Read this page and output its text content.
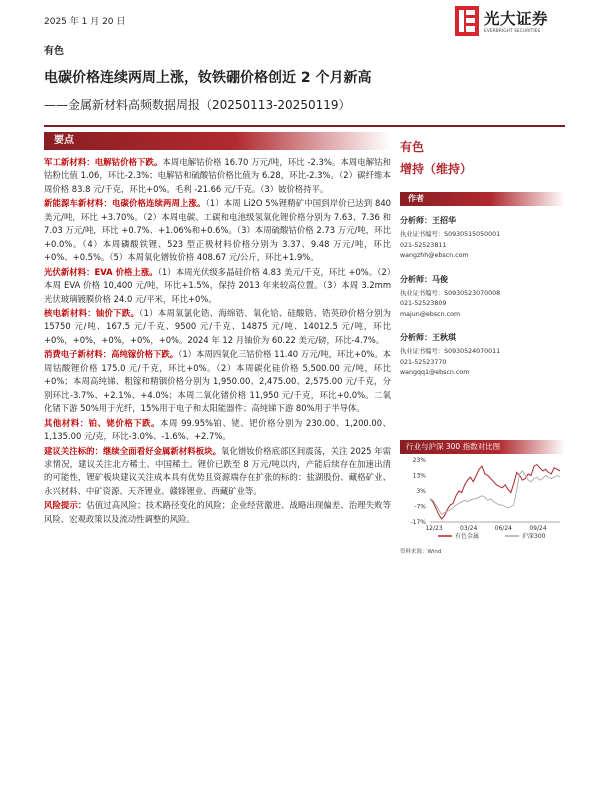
2025 年 1 月 20 日	光大证券
EVERBRIGHT SECURITIES
有色
电碳价格连续两周上涨，钕铁硼价格创近 2 个月新高
——金属新材料高频数据周报（20250113-20250119）
要点
军工新材料：电解钴价格下跌。本周电解钴价格 16.70 万元/吨，环比 -2.3%。本周电解钴和钴粉比值 1.06，环比-2.3%；电解钴和硫酸钴价格比值为 6.28，环比-2.3%。（2）碳纤维本周价格 83.8 元/千克，环比+0%。毛利 -21.66 元/千克。（3）铍价格持平。
新能源车新材料：电碳价格连续两周上涨。（1）本周 Li2O 5%锂精矿中国到岸价已达到 840 美元/吨，环比 +3.70%。（2）本周电碳、工碳和电池级氢氧化锂价格分别为 7.63、7.36 和 7.03 万元/吨，环比 +0.7%、+1.06%和+0.6%。（3）本周硫酸钴价格 2.73 万元/吨，环比+0.0%。（4）本周磷酸铁锂、523 型正极材料价格分别为 3.37、9.48 万元/吨，环比+0%、+0.5%。（5）本周氧化镨钕价格 408.67 元/公斤，环比+1.9%。
光伏新材料：EVA 价格上涨。（1）本周光伏级多晶硅价格 4.83 美元/千克，环比 +0%。（2）本周 EVA 价格 10,400 元/吨，环比+1.5%，保持 2013 年来较高位置。（3）本周 3.2mm 光伏玻璃镀膜价格 24.0 元/平米，环比+0%。
核电新材料：铀价下跌。（1）本周氧氯化锆、海绵锆、氧化铪、硅酸锆、锆英砂价格分别为 15750 元/吨、167.5 元/千克、9500 元/千克、14875 元/吨、14012.5 元/吨，环比+0%，+0%，+0%，+0%，+0%。2024 年 12 月铀价为 60.22 美元/磅，环比-4.7%。
消费电子新材料：高纯镓价格下跌。（1）本周四氧化三钴价格 11.40 万元/吨，环比+0%。本周钴酸锂价格 175.0 元/千克，环比+0%。（2）本周碳化硅价格 5,500.00 元/吨，环比 +0%；本周高纯锑、粗镓和精铟价格分别为 1,950.00、2,475.00、2,575.00 元/千克，分别环比-3.7%、+2.1%、+4.0%；本周二氧化锗价格 11,950 元/千克，环比+0.0%。二氧化锗下游 50%用于光纤，15%用于电子和太阳能器件；高纯锑下游 80%用于半导体。
其他材料：铂、铑价格下跌。本周 99.95%铂、铑、钯价格分别为 230.00、1,200.00、1,135.00 元/克，环比-3.0%、-1.6%、+2.7%。
建议关注标的：继续全面看好金属新材料板块。氧化镨钕价格底部区间震荡，关注 2025 年需求情况，建议关注北方稀土、中国稀土。锂价已跌至 8 万元/吨以内，产能后续存在加速出清的可能性，锂矿板块建议关注成本具有优势且资源端存在扩张的标的：盐湖股份、藏格矿业、永兴材料、中矿资源、天齐锂业、赣锋锂业、西藏矿业等。
风险提示：估值过高风险；技术路径变化的风险；企业经营激进、战略出现偏差、治理失败等风险、宏观政策以及流动性调整的风险。
有色
增持（维持）
作者
分析师：王招华
执业证书编号：S0930515050001
021-52523811
wangzhh@ebscn.com
分析师：马俊
执业证书编号：S0930523070008
021-52523809
majun@ebscn.com
分析师：王秋琪
执业证书编号：S0930524070011
021-52523770
wangqq1@ebscn.com
行业与沪深 300 指数对比图
23%
13%
3%
-7%
-17%
12/23	03/24	06/24	09/24
有色金属	沪深300
资料来源：Wind
